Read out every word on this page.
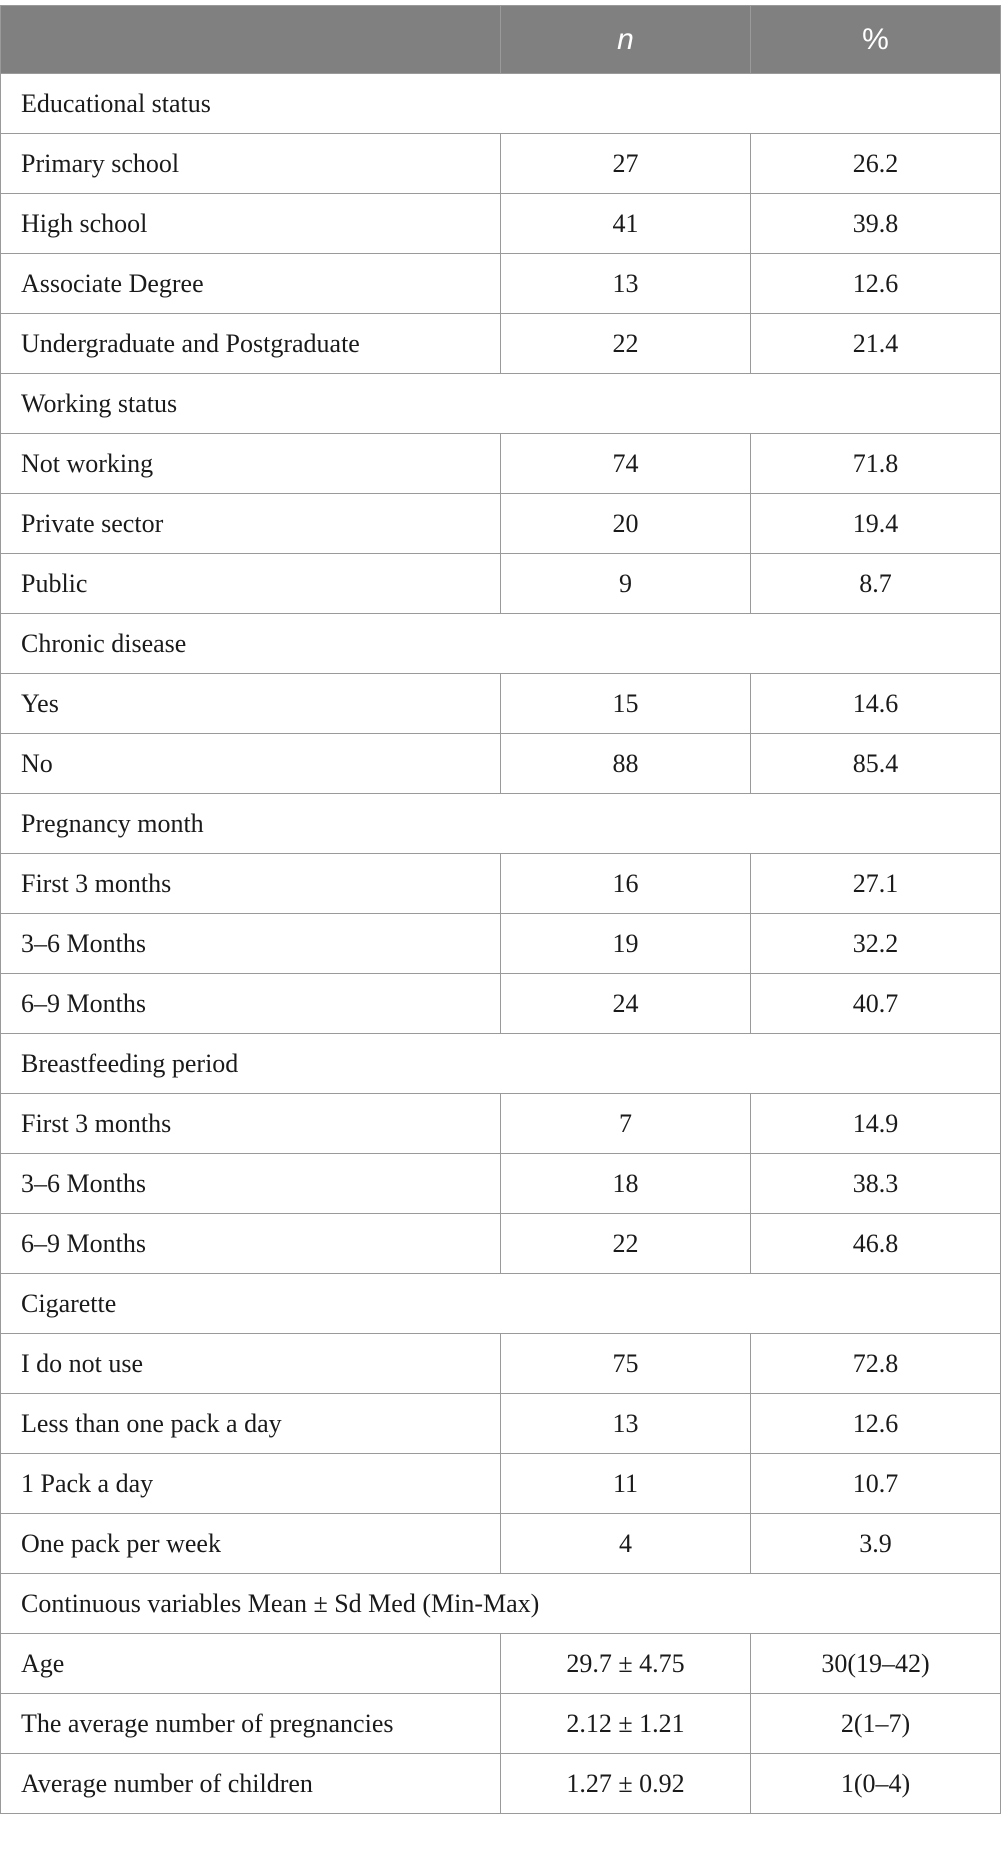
	n	%
Educational status		
Primary school	27	26.2
High school	41	39.8
Associate Degree	13	12.6
Undergraduate and Postgraduate	22	21.4
Working status		
Not working	74	71.8
Private sector	20	19.4
Public	9	8.7
Chronic disease		
Yes	15	14.6
No	88	85.4
Pregnancy month		
First 3 months	16	27.1
3–6 Months	19	32.2
6–9 Months	24	40.7
Breastfeeding period		
First 3 months	7	14.9
3–6 Months	18	38.3
6–9 Months	22	46.8
Cigarette		
I do not use	75	72.8
Less than one pack a day	13	12.6
1 Pack a day	11	10.7
One pack per week	4	3.9
Continuous variables Mean ± Sd Med (Min-Max)		
Age	29.7 ± 4.75	30(19–42)
The average number of pregnancies	2.12 ± 1.21	2(1–7)
Average number of children	1.27 ± 0.92	1(0–4)
